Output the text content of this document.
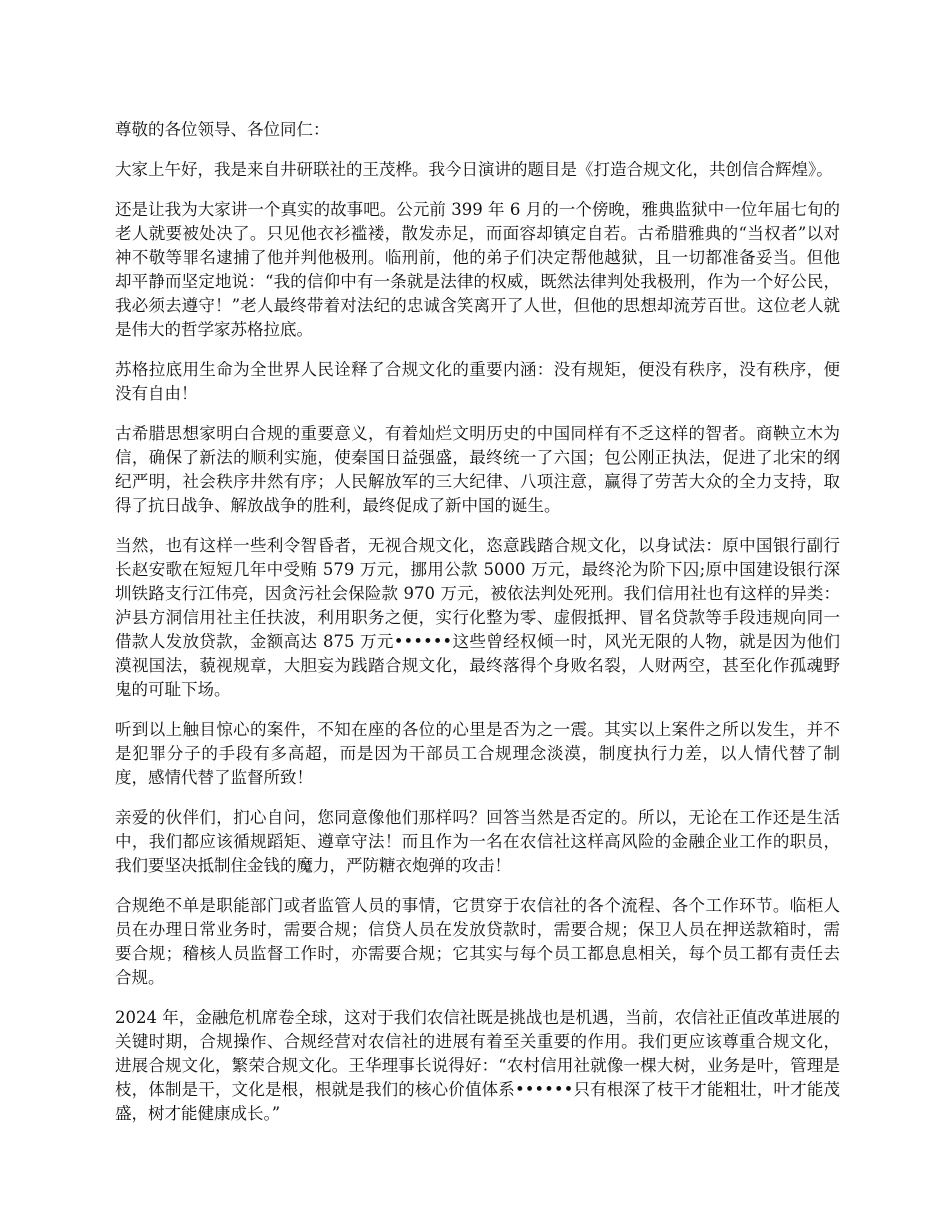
尊敬的各位领导、各位同仁：

大家上午好，我是来自井研联社的王茂桦。我今日演讲的题目是《打造合规文化，共创信合辉煌》。

还是让我为大家讲一个真实的故事吧。公元前 399 年 6 月的一个傍晚，雅典监狱中一位年届七旬的老人就要被处决了。只见他衣衫褴褛，散发赤足，而面容却镇定自若。古希腊雅典的“当权者”以对神不敬等罪名逮捕了他并判他极刑。临刑前，他的弟子们决定帮他越狱，且一切都准备妥当。但他却平静而坚定地说：“我的信仰中有一条就是法律的权威，既然法律判处我极刑，作为一个好公民，我必须去遵守！”老人最终带着对法纪的忠诚含笑离开了人世，但他的思想却流芳百世。这位老人就是伟大的哲学家苏格拉底。

苏格拉底用生命为全世界人民诠释了合规文化的重要内涵：没有规矩，便没有秩序，没有秩序，便没有自由！

古希腊思想家明白合规的重要意义，有着灿烂文明历史的中国同样有不乏这样的智者。商鞅立木为信，确保了新法的顺利实施，使秦国日益强盛，最终统一了六国；包公刚正执法，促进了北宋的纲纪严明，社会秩序井然有序；人民解放军的三大纪律、八项注意，赢得了劳苦大众的全力支持，取得了抗日战争、解放战争的胜利，最终促成了新中国的诞生。

当然，也有这样一些利令智昏者，无视合规文化，恣意践踏合规文化，以身试法：原中国银行副行长赵安歌在短短几年中受贿 579 万元，挪用公款 5000 万元，最终沦为阶下囚;原中国建设银行深圳铁路支行江伟亮，因贪污社会保险款 970 万元，被依法判处死刑。我们信用社也有这样的异类：泸县方洞信用社主任扶波，利用职务之便，实行化整为零、虚假抵押、冒名贷款等手段违规向同一借款人发放贷款，金额高达 875 万元••••••这些曾经权倾一时，风光无限的人物，就是因为他们漠视国法，藐视规章，大胆妄为践踏合规文化，最终落得个身败名裂，人财两空，甚至化作孤魂野鬼的可耻下场。

听到以上触目惊心的案件，不知在座的各位的心里是否为之一震。其实以上案件之所以发生，并不是犯罪分子的手段有多高超，而是因为干部员工合规理念淡漠，制度执行力差，以人情代替了制度，感情代替了监督所致！

亲爱的伙伴们，扪心自问，您同意像他们那样吗？回答当然是否定的。所以，无论在工作还是生活中，我们都应该循规蹈矩、遵章守法！而且作为一名在农信社这样高风险的金融企业工作的职员，我们要坚决抵制住金钱的魔力，严防糖衣炮弹的攻击！

合规绝不单是职能部门或者监管人员的事情，它贯穿于农信社的各个流程、各个工作环节。临柜人员在办理日常业务时，需要合规；信贷人员在发放贷款时，需要合规；保卫人员在押送款箱时，需要合规；稽核人员监督工作时，亦需要合规；它其实与每个员工都息息相关，每个员工都有责任去合规。

2024 年，金融危机席卷全球，这对于我们农信社既是挑战也是机遇，当前，农信社正值改革进展的关键时期，合规操作、合规经营对农信社的进展有着至关重要的作用。我们更应该尊重合规文化，进展合规文化，繁荣合规文化。王华理事长说得好：“农村信用社就像一棵大树，业务是叶，管理是枝，体制是干，文化是根，根就是我们的核心价值体系••••••只有根深了枝干才能粗壮，叶才能茂盛，树才能健康成长。”
